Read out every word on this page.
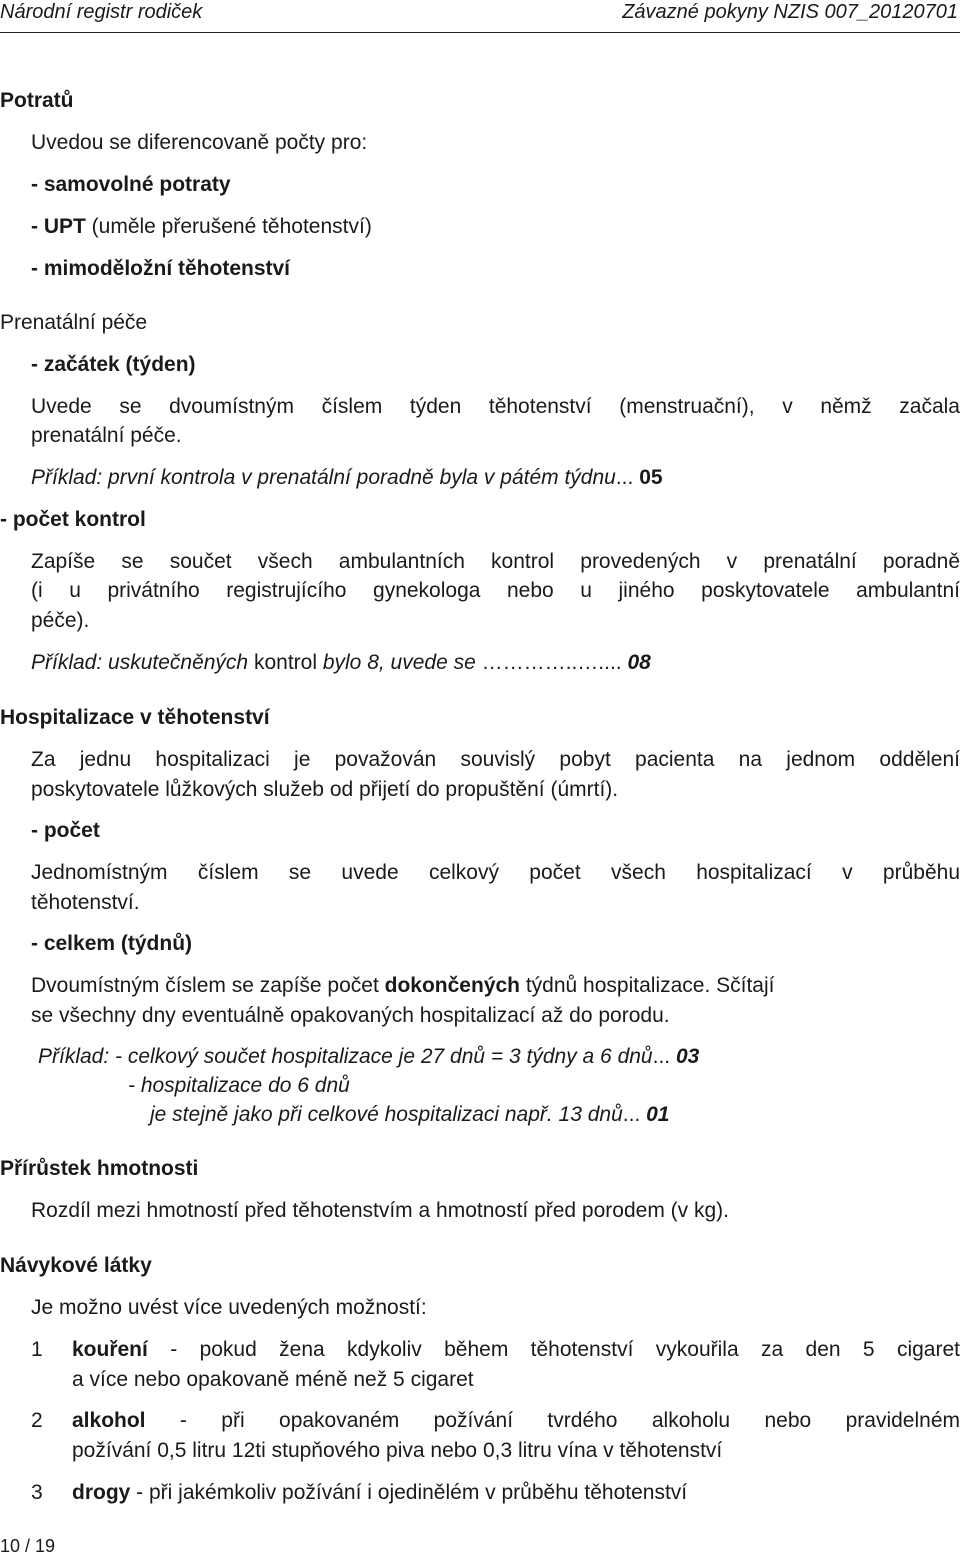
Národní registr rodiček	Závazné pokyny NZIS 007_20120701
Potratů
Uvedou se diferencovaně počty pro:
- samovolné potraty
- UPT (uměle přerušené těhotenství)
- mimoděložní těhotenství
Prenatální péče
- začátek (týden)
Uvede se dvoumístným číslem týden těhotenství (menstruační), v němž začala
prenatální péče.
Příklad: první kontrola v prenatální poradně byla v pátém týdnu... 05
- počet kontrol
Zapíše se součet všech ambulantních kontrol provedených v prenatální poradně
(i u privátního registrujícího gynekologa nebo u jiného poskytovatele ambulantní
péče).
Příklad: uskutečněných kontrol bylo 8, uvede se …………..….... 08
Hospitalizace v těhotenství
Za jednu hospitalizaci je považován souvislý pobyt pacienta na jednom oddělení
poskytovatele lůžkových služeb od přijetí do propuštění (úmrtí).
- počet
Jednomístným číslem se uvede celkový počet všech hospitalizací v průběhu
těhotenství.
- celkem (týdnů)
Dvoumístným číslem se zapíše počet dokončených týdnů hospitalizace. Sčítají
se všechny dny eventuálně opakovaných hospitalizací až do porodu.
Příklad: - celkový součet hospitalizace je 27 dnů = 3 týdny a 6 dnů... 03
- hospitalizace do 6 dnů
je stejně jako při celkové hospitalizaci např. 13 dnů... 01
Přírůstek hmotnosti
Rozdíl mezi hmotností před těhotenstvím a hmotností před porodem (v kg).
Návykové látky
Je možno uvést více uvedených možností:
1 kouření - pokud žena kdykoliv během těhotenství vykouřila za den 5 cigaret
a více nebo opakovaně méně než 5 cigaret
2 alkohol - při opakovaném požívání tvrdého alkoholu nebo pravidelném
požívání 0,5 litru 12ti stupňového piva nebo 0,3 litru vína v těhotenství
3 drogy - při jakémkoliv požívání i ojedinělém v průběhu těhotenství
10 / 19
